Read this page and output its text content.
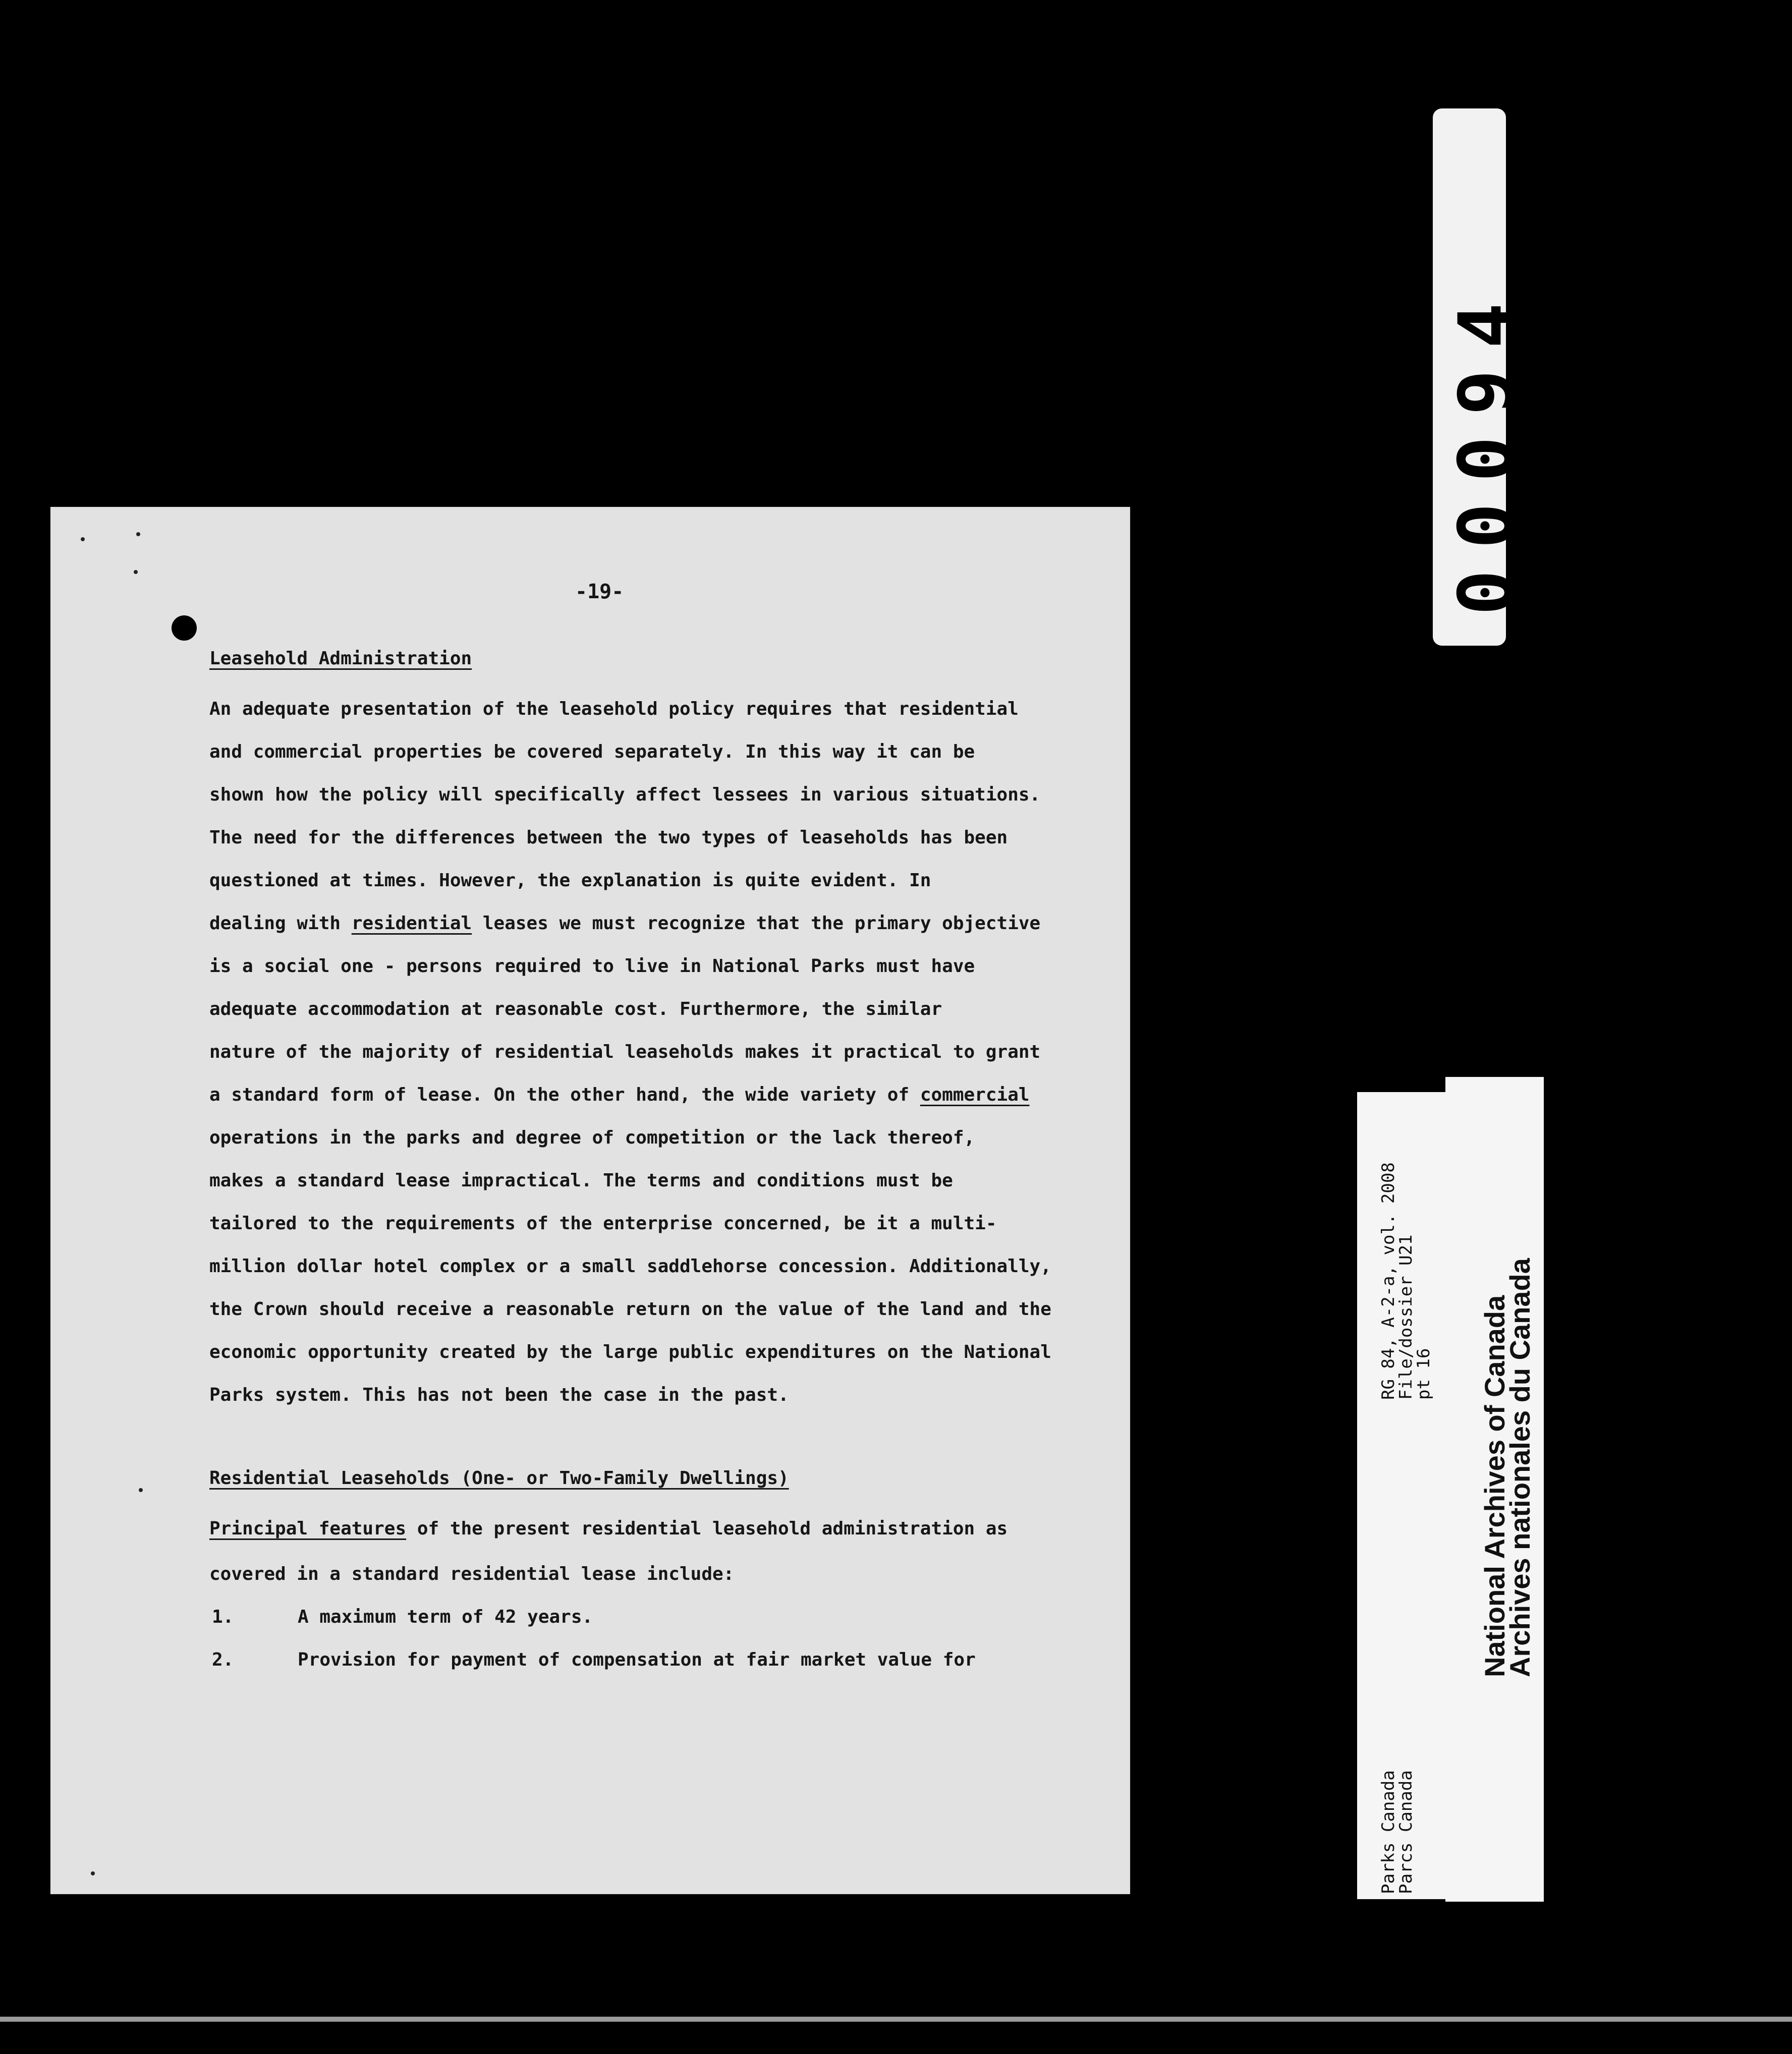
-19-
Leasehold Administration
An adequate presentation of the leasehold policy requires that residential
and commercial properties be covered separately. In this way it can be
shown how the policy will specifically affect lessees in various situations.
The need for the differences between the two types of leaseholds has been
questioned at times. However, the explanation is quite evident. In
dealing with residential leases we must recognize that the primary objective
is a social one - persons required to live in National Parks must have
adequate accommodation at reasonable cost. Furthermore, the similar
nature of the majority of residential leaseholds makes it practical to grant
a standard form of lease. On the other hand, the wide variety of commercial
operations in the parks and degree of competition or the lack thereof,
makes a standard lease impractical. The terms and conditions must be
tailored to the requirements of the enterprise concerned, be it a multi-
million dollar hotel complex or a small saddlehorse concession. Additionally,
the Crown should receive a reasonable return on the value of the land and the
economic opportunity created by the large public expenditures on the National
Parks system. This has not been the case in the past.
Residential Leaseholds (One- or Two-Family Dwellings)
Principal features of the present residential leasehold administration as
covered in a standard residential lease include:
1.	A maximum term of 42 years.
2.	Provision for payment of compensation at fair market value for
00094
RG 84, A-2-a, vol. 2008
File/dossier U21
pt 16
Parks Canada
Parcs Canada
National Archives of Canada
Archives nationales du Canada
